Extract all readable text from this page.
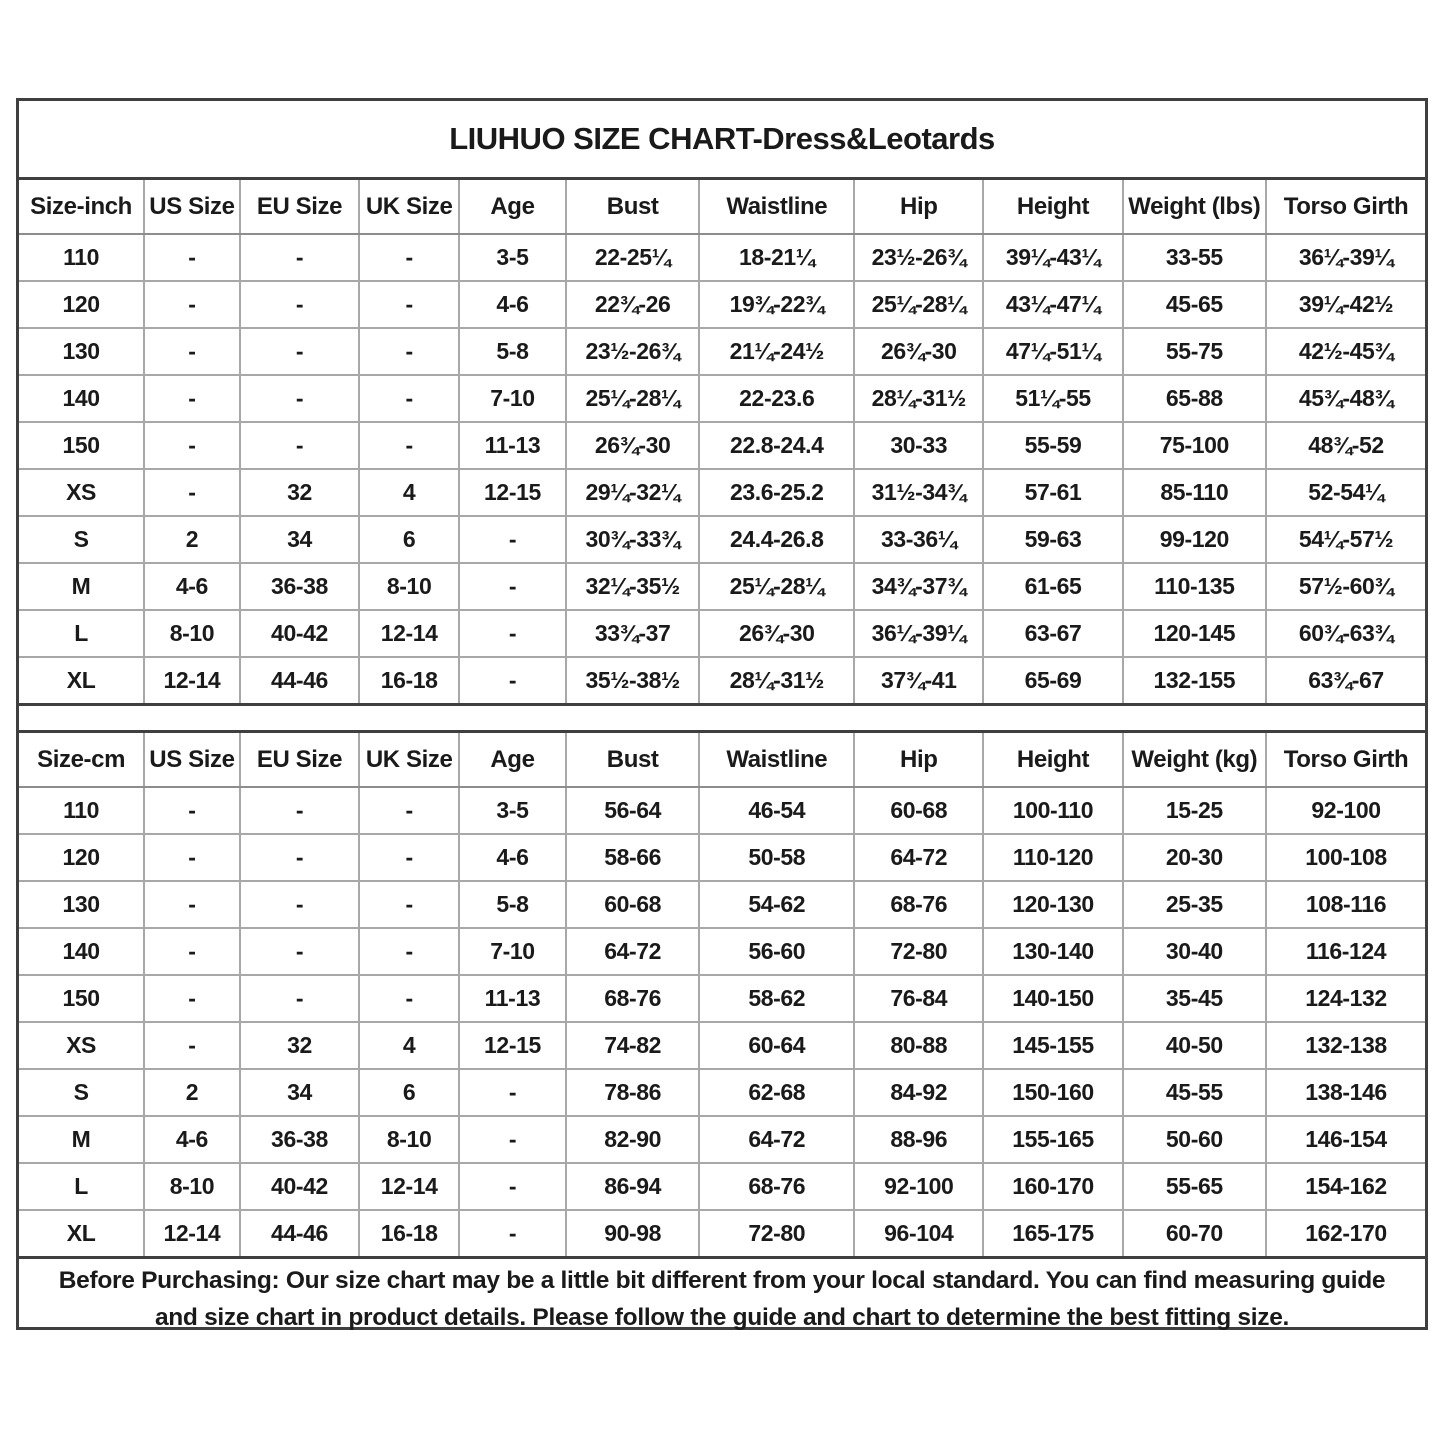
LIUHUO SIZE CHART-Dress&Leotards
Size-inch	US Size	EU Size	UK Size	Age	Bust	Waistline	Hip	Height	Weight (lbs)	Torso Girth
110	-	-	-	3-5	22-25¼	18-21¼	23½-26¾	39¼-43¼	33-55	36¼-39¼
120	-	-	-	4-6	22¾-26	19¾-22¾	25¼-28¼	43¼-47¼	45-65	39¼-42½
130	-	-	-	5-8	23½-26¾	21¼-24½	26¾-30	47¼-51¼	55-75	42½-45¾
140	-	-	-	7-10	25¼-28¼	22-23.6	28¼-31½	51¼-55	65-88	45¾-48¾
150	-	-	-	11-13	26¾-30	22.8-24.4	30-33	55-59	75-100	48¾-52
XS	-	32	4	12-15	29¼-32¼	23.6-25.2	31½-34¾	57-61	85-110	52-54¼
S	2	34	6	-	30¾-33¾	24.4-26.8	33-36¼	59-63	99-120	54¼-57½
M	4-6	36-38	8-10	-	32¼-35½	25¼-28¼	34¾-37¾	61-65	110-135	57½-60¾
L	8-10	40-42	12-14	-	33¾-37	26¾-30	36¼-39¼	63-67	120-145	60¾-63¾
XL	12-14	44-46	16-18	-	35½-38½	28¼-31½	37¾-41	65-69	132-155	63¾-67
Size-cm	US Size	EU Size	UK Size	Age	Bust	Waistline	Hip	Height	Weight (kg)	Torso Girth
110	-	-	-	3-5	56-64	46-54	60-68	100-110	15-25	92-100
120	-	-	-	4-6	58-66	50-58	64-72	110-120	20-30	100-108
130	-	-	-	5-8	60-68	54-62	68-76	120-130	25-35	108-116
140	-	-	-	7-10	64-72	56-60	72-80	130-140	30-40	116-124
150	-	-	-	11-13	68-76	58-62	76-84	140-150	35-45	124-132
XS	-	32	4	12-15	74-82	60-64	80-88	145-155	40-50	132-138
S	2	34	6	-	78-86	62-68	84-92	150-160	45-55	138-146
M	4-6	36-38	8-10	-	82-90	64-72	88-96	155-165	50-60	146-154
L	8-10	40-42	12-14	-	86-94	68-76	92-100	160-170	55-65	154-162
XL	12-14	44-46	16-18	-	90-98	72-80	96-104	165-175	60-70	162-170
Before Purchasing: Our size chart may be a little bit different from your local standard. You can find measuring guide and size chart in product details. Please follow the guide and chart to determine the best fitting size.
